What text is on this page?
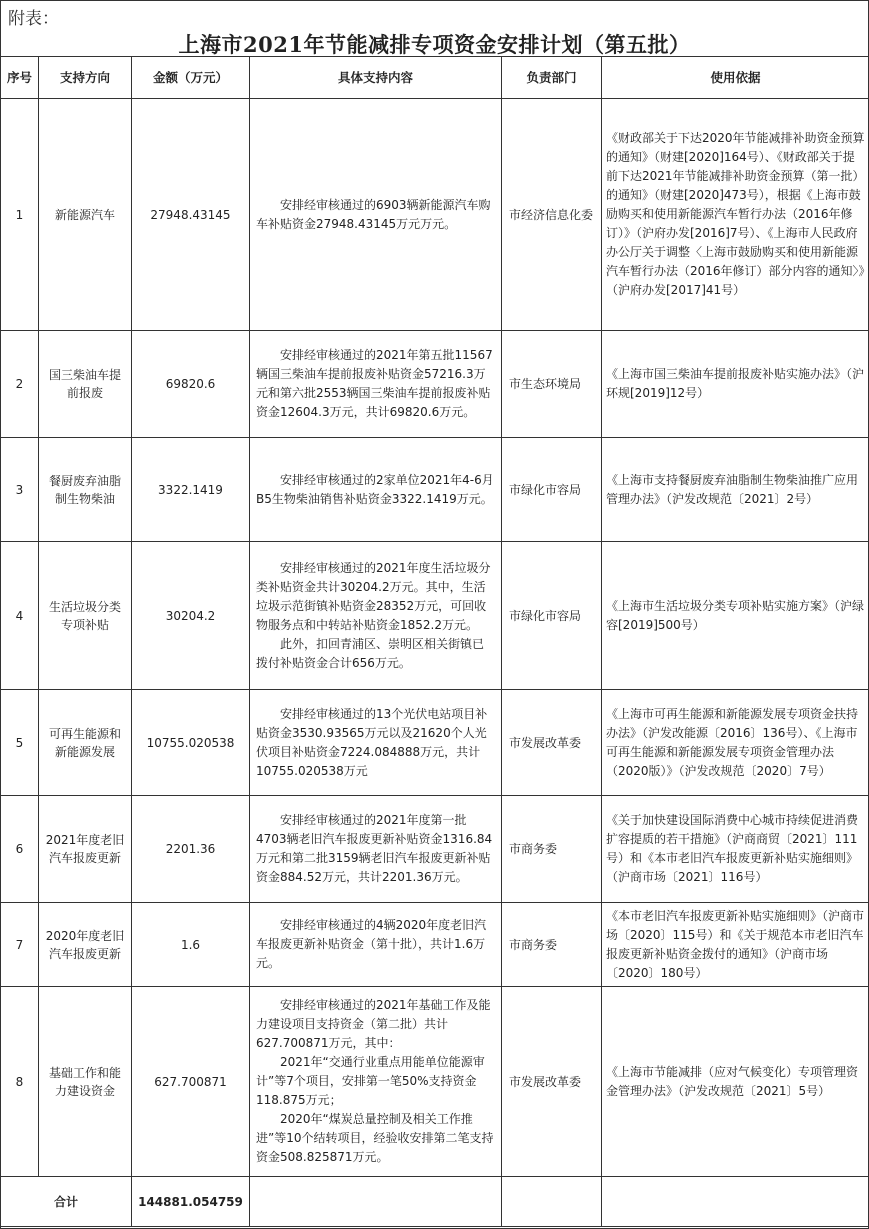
附表：
上海市2021年节能减排专项资金安排计划（第五批）
序号	支持方向	金额（万元）	具体支持内容	负责部门	使用依据
1	新能源汽车	27948.43145	安排经审核通过的6903辆新能源汽车购车补贴资金27948.43145万元万元。	市经济信息化委	《财政部关于下达2020年节能减排补助资金预算的通知》（财建[2020]164号）、《财政部关于提前下达2021年节能减排补助资金预算（第一批）的通知》（财建[2020]473号），根据《上海市鼓励购买和使用新能源汽车暂行办法（2016年修订）》（沪府办发[2016]7号）、《上海市人民政府办公厅关于调整〈上海市鼓励购买和使用新能源汽车暂行办法（2016年修订）部分内容的通知〉》（沪府办发[2017]41号）
2	国三柴油车提前报废	69820.6	安排经审核通过的2021年第五批11567辆国三柴油车提前报废补贴资金57216.3万元和第六批2553辆国三柴油车提前报废补贴资金12604.3万元，共计69820.6万元。	市生态环境局	《上海市国三柴油车提前报废补贴实施办法》（沪环规[2019]12号）
3	餐厨废弃油脂制生物柴油	3322.1419	安排经审核通过的2家单位2021年4-6月B5生物柴油销售补贴资金3322.1419万元。	市绿化市容局	《上海市支持餐厨废弃油脂制生物柴油推广应用管理办法》（沪发改规范〔2021〕2号）
4	生活垃圾分类专项补贴	30204.2	安排经审核通过的2021年度生活垃圾分类补贴资金共计30204.2万元。其中，生活垃圾示范街镇补贴资金28352万元，可回收物服务点和中转站补贴资金1852.2万元。

此外，扣回青浦区、崇明区相关街镇已拨付补贴资金合计656万元。	市绿化市容局	《上海市生活垃圾分类专项补贴实施方案》（沪绿容[2019]500号）
5	可再生能源和新能源发展	10755.020538	安排经审核通过的13个光伏电站项目补贴资金3530.93565万元以及21620个人光伏项目补贴资金7224.084888万元，共计10755.020538万元	市发展改革委	《上海市可再生能源和新能源发展专项资金扶持办法》（沪发改能源〔2016〕136号）、《上海市可再生能源和新能源发展专项资金管理办法（2020版）》（沪发改规范〔2020〕7号）
6	2021年度老旧汽车报废更新	2201.36	安排经审核通过的2021年度第一批4703辆老旧汽车报废更新补贴资金1316.84万元和第二批3159辆老旧汽车报废更新补贴资金884.52万元，共计2201.36万元。	市商务委	《关于加快建设国际消费中心城市持续促进消费扩容提质的若干措施》（沪商商贸〔2021〕111号）和《本市老旧汽车报废更新补贴实施细则》（沪商市场〔2021〕116号）
7	2020年度老旧汽车报废更新	1.6	安排经审核通过的4辆2020年度老旧汽车报废更新补贴资金（第十批），共计1.6万元。	市商务委	《本市老旧汽车报废更新补贴实施细则》（沪商市场〔2020〕115号）和《关于规范本市老旧汽车报废更新补贴资金拨付的通知》（沪商市场〔2020〕180号）
8	基础工作和能力建设资金	627.700871	安排经审核通过的2021年基础工作及能力建设项目支持资金（第二批）共计627.700871万元，其中：

2021年“交通行业重点用能单位能源审计”等7个项目，安排第一笔50%支持资金118.875万元；

2020年“煤炭总量控制及相关工作推进”等10个结转项目，经验收安排第二笔支持资金508.825871万元。	市发展改革委	《上海市节能减排（应对气候变化）专项管理资金管理办法》（沪发改规范〔2021〕5号）
合计		144881.054759			
